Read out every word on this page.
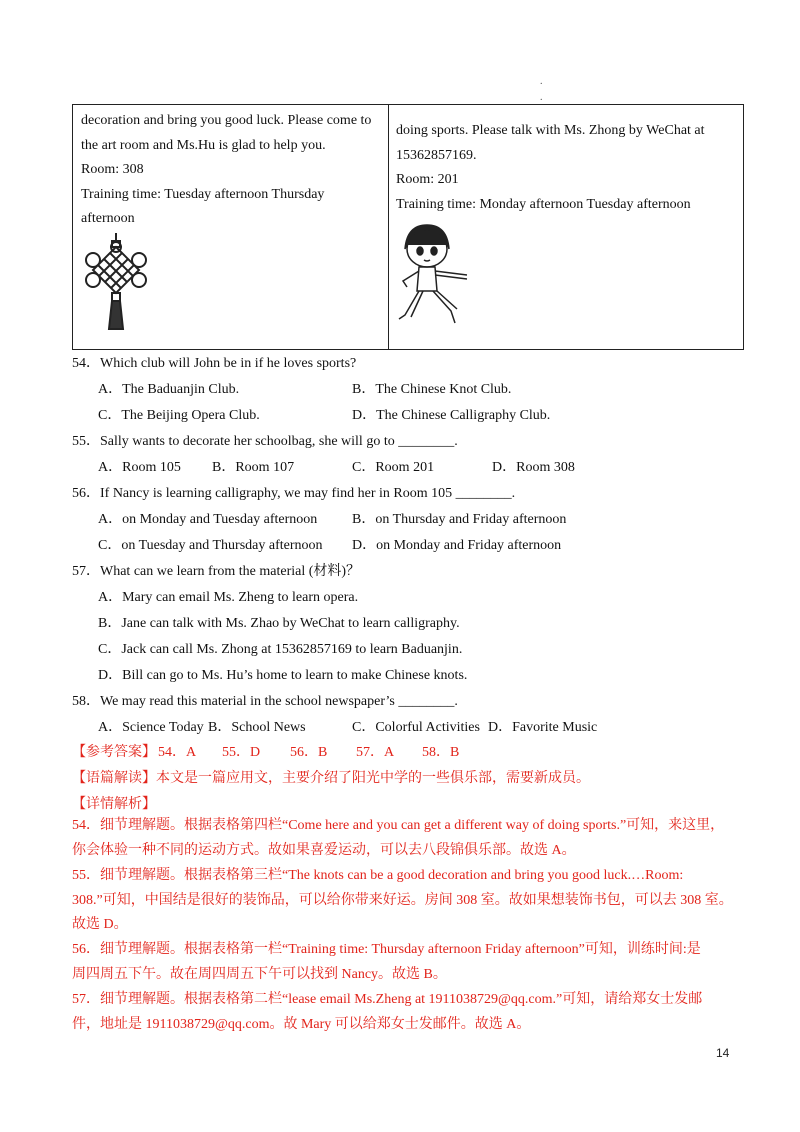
.
.
decoration and bring you good luck. Please come to
the art room and Ms.Hu is glad to help you.
Room: 308
Training time: Tuesday afternoon Thursday
afternoon
doing sports. Please talk with Ms. Zhong by WeChat at
15362857169.
Room: 201
Training time: Monday afternoon Tuesday afternoon
54．Which club will John be in if he loves sports?
A．The Baduanjin Club.	B．The Chinese Knot Club.
C．The Beijing Opera Club.	D．The Chinese Calligraphy Club.
55．Sally wants to decorate her schoolbag, she will go to ________.
A．Room 105 B．Room 107	C．Room 201	D．Room 308
56．If Nancy is learning calligraphy, we may find her in Room 105 ________.
A．on Monday and Tuesday afternoon B．on Thursday and Friday afternoon
C．on Tuesday and Thursday afternoon D．on Monday and Friday afternoon
57．What can we learn from the material (材料)？
A．Mary can email Ms. Zheng to learn opera.
B．Jane can talk with Ms. Zhao by WeChat to learn calligraphy.
C．Jack can call Ms. Zhong at 15362857169 to learn Baduanjin.
D．Bill can go to Ms. Hu’s home to learn to make Chinese knots.
58．We may read this material in the school newspaper’s ________.
A．Science Today B．School News	C．Colorful Activities D．Favorite Music
【参考答案】 54．A 55．D 56．B 57．A 58．B
【语篇解读】本文是一篇应用文，主要介绍了阳光中学的一些俱乐部，需要新成员。
【详情解析】
54．细节理解题。根据表格第四栏“Come here and you can get a different way of doing sports.”可知，来这里，
你会体验一种不同的运动方式。故如果喜爱运动，可以去八段锦俱乐部。故选 A。
55．细节理解题。根据表格第三栏“The knots can be a good decoration and bring you good luck.…Room:
308.”可知，中国结是很好的装饰品，可以给你带来好运。房间 308 室。故如果想装饰书包，可以去 308 室。
故选 D。
56．细节理解题。根据表格第一栏“Training time: Thursday afternoon Friday afternoon”可知，训练时间:是
周四周五下午。故在周四周五下午可以找到 Nancy。故选 B。
57．细节理解题。根据表格第二栏“lease email Ms.Zheng at 1911038729@qq.com.”可知，请给郑女士发邮
件，地址是 1911038729@qq.com。故 Mary 可以给郑女士发邮件。故选 A。
14
